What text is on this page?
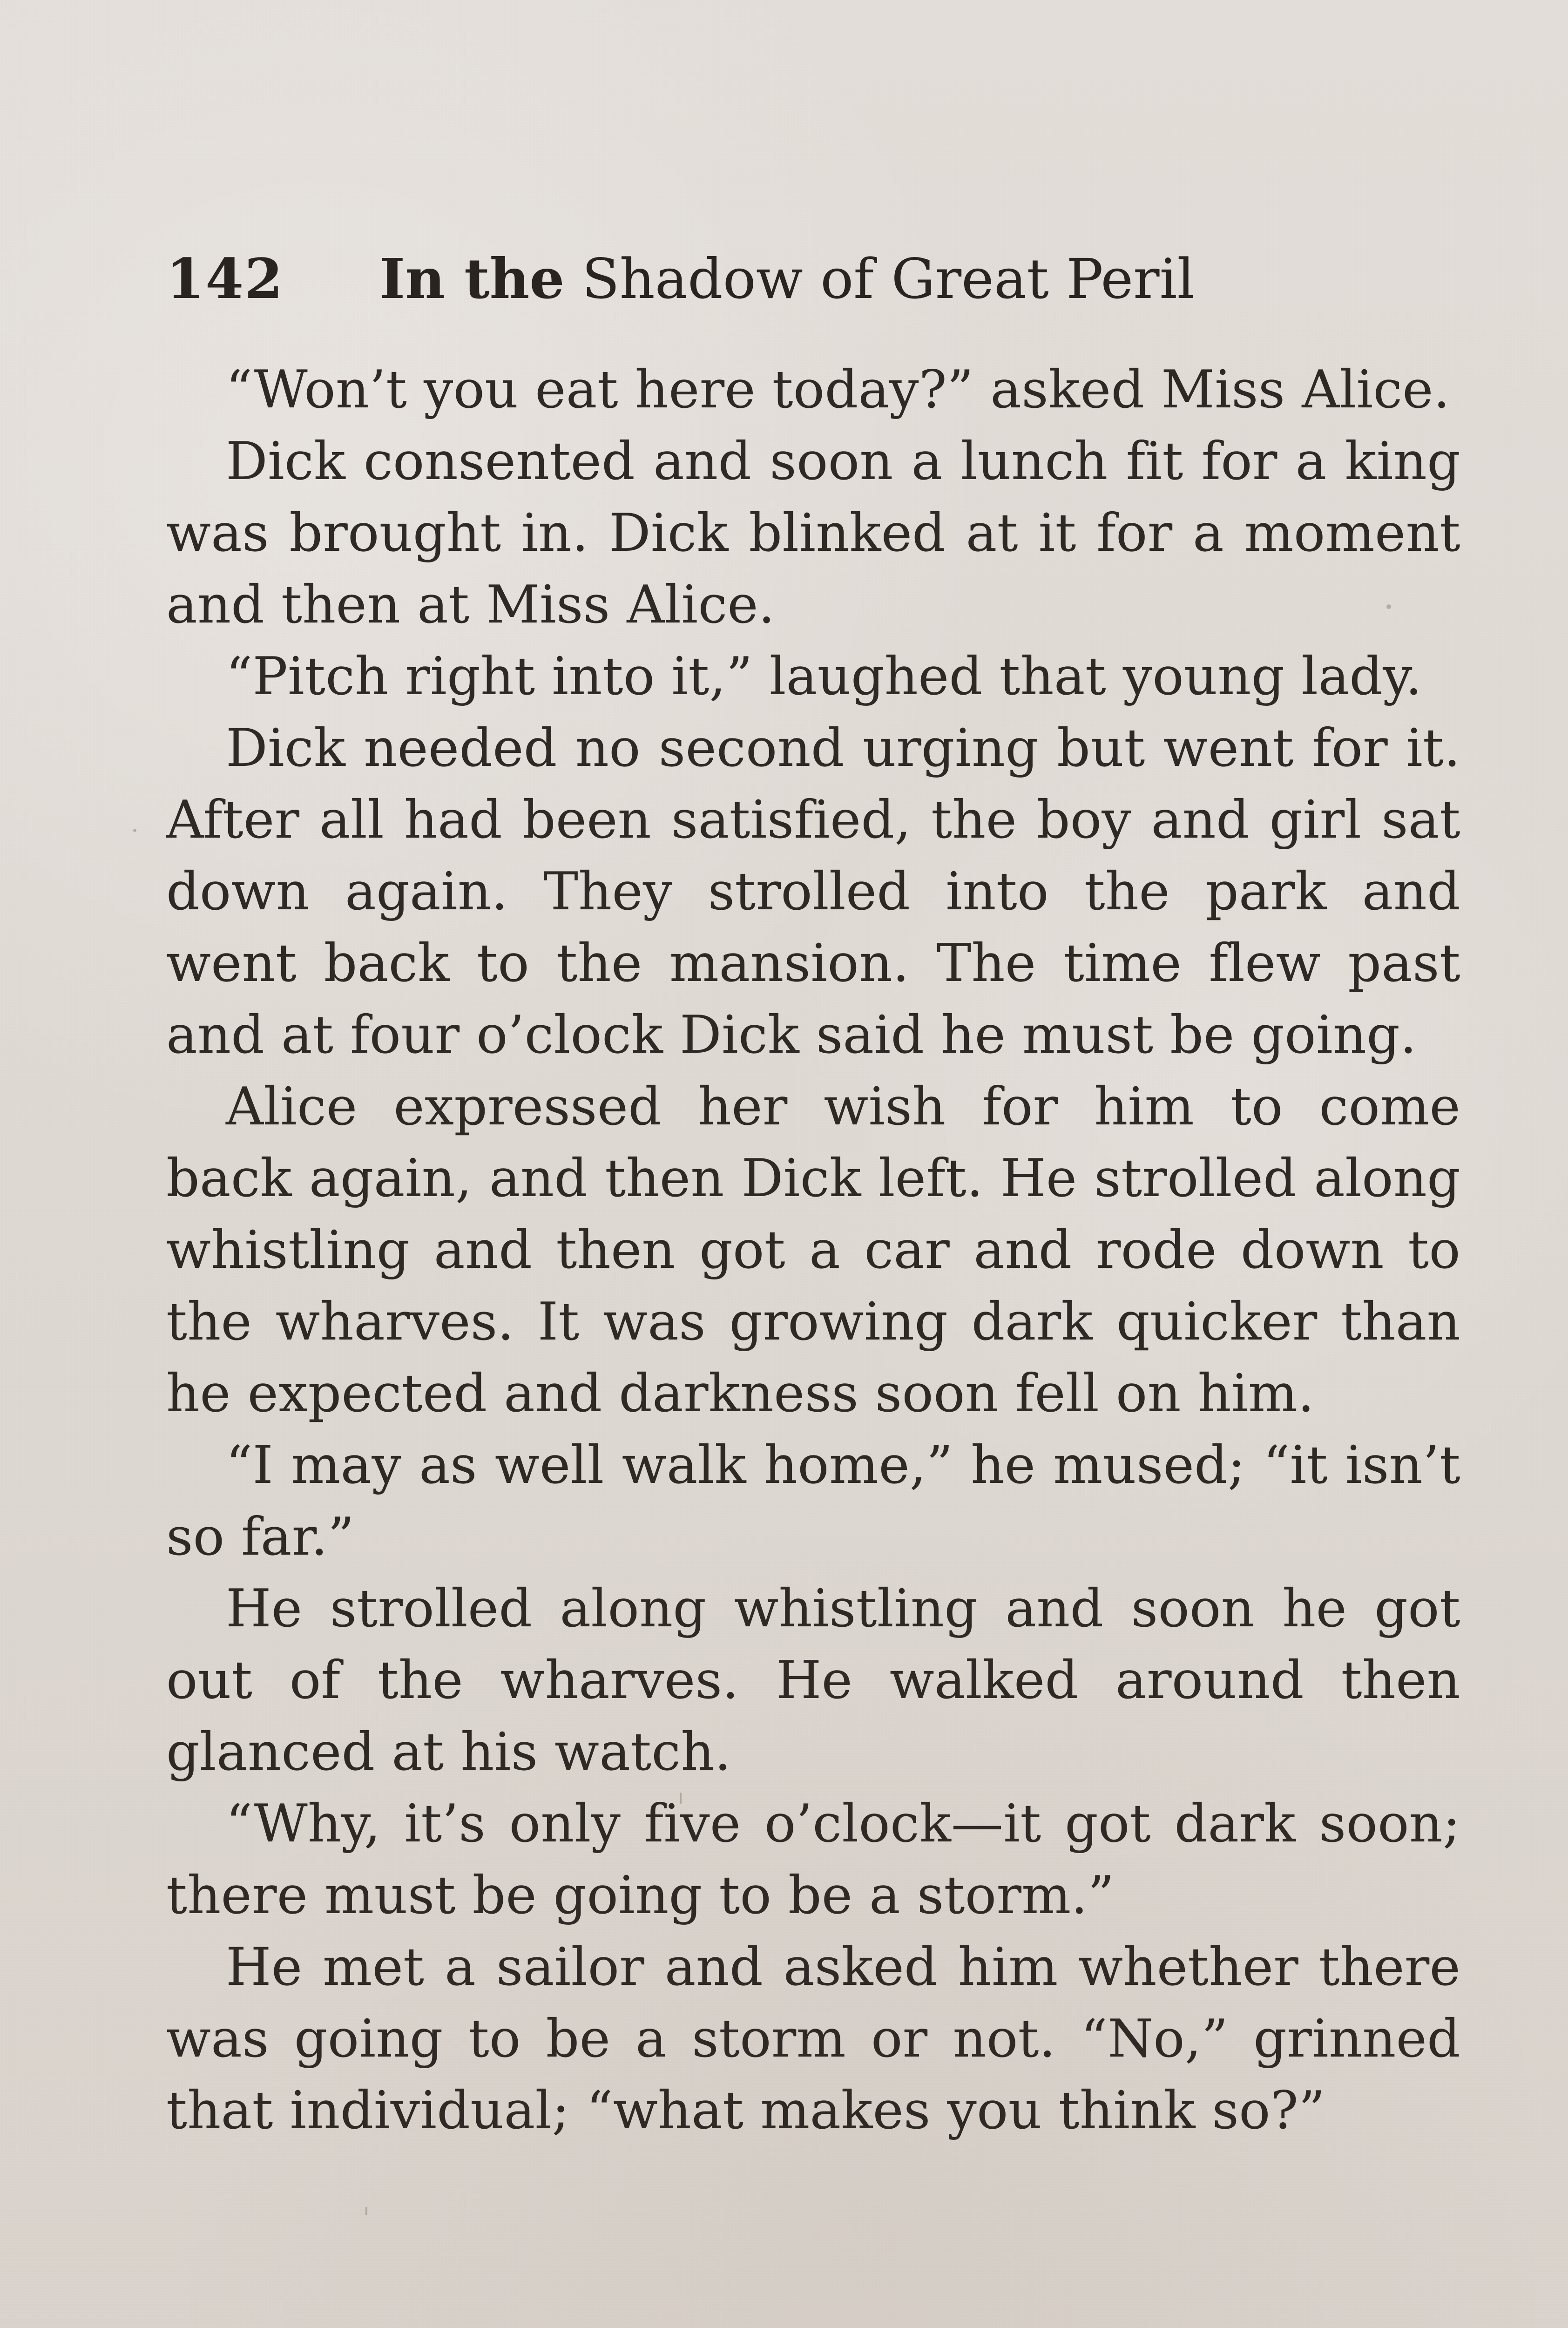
142 In the Shadow of Great Peril

“Won’t you eat here today?” asked Miss Alice.

Dick consented and soon a lunch fit for a king was brought in. Dick blinked at it for a moment and then at Miss Alice.

“Pitch right into it,” laughed that young lady.

Dick needed no second urging but went for it. After all had been satisfied, the boy and girl sat down again. They strolled into the park and went back to the mansion. The time flew past and at four o’clock Dick said he must be going.

Alice expressed her wish for him to come back again, and then Dick left. He strolled along whistling and then got a car and rode down to the wharves. It was growing dark quicker than he expected and darkness soon fell on him.

“I may as well walk home,” he mused; “it isn’t so far.”

He strolled along whistling and soon he got out of the wharves. He walked around then glanced at his watch.

“Why, it’s only five o’clock—it got dark soon; there must be going to be a storm.”

He met a sailor and asked him whether there was going to be a storm or not. “No,” grinned that individual; “what makes you think so?”
